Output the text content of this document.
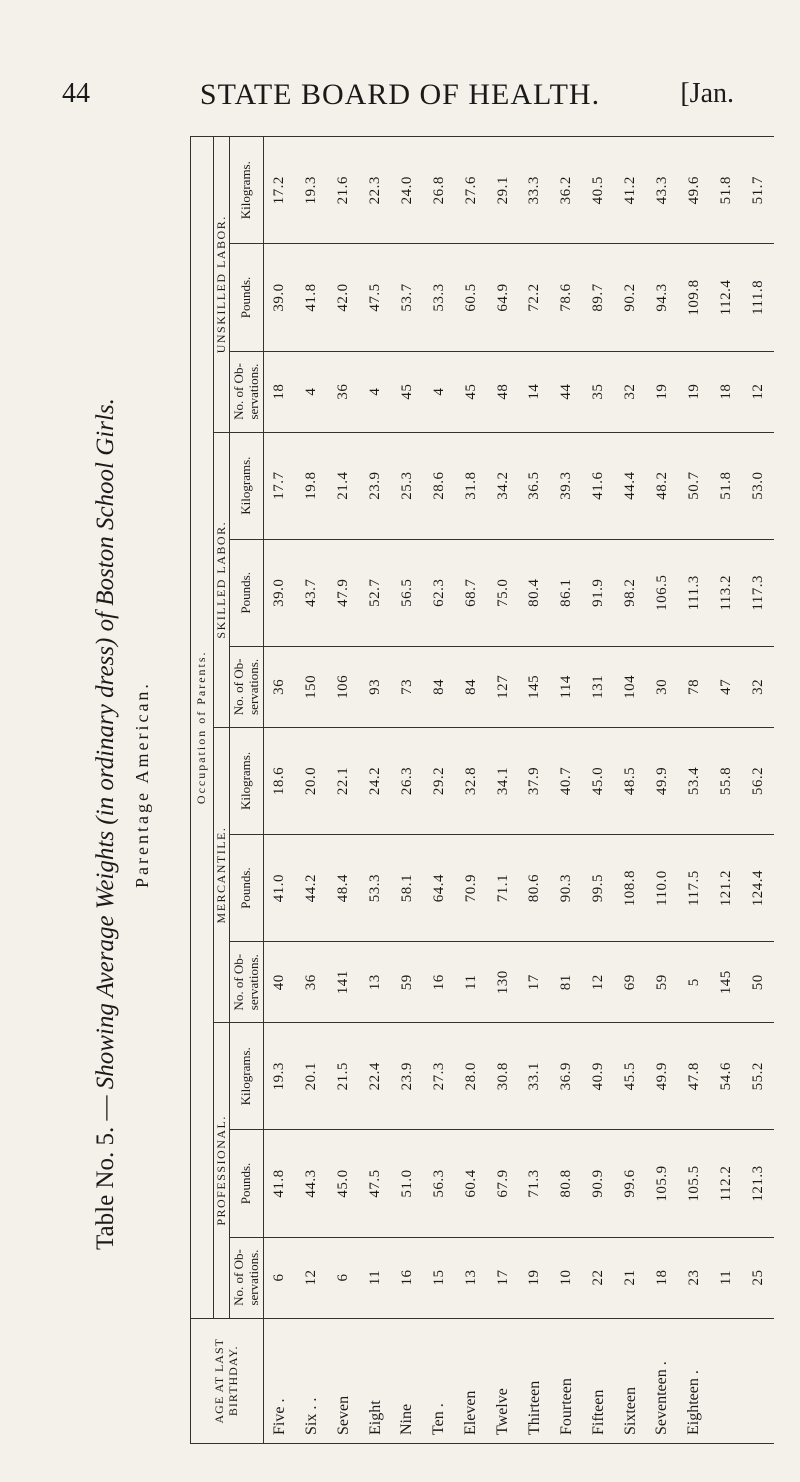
44	STATE BOARD OF HEALTH.	[Jan.
Table No. 5. — Showing Average Weights (in ordinary dress) of Boston School Girls. Parentage American.
AGE AT LAST BIRTHDAY.	Occupation of Parents.											
	PROFESSIONAL.			MERCANTILE.			SKILLED LABOR.			UNSKILLED LABOR.		
	No. of Ob-servations.	Pounds.	Kilograms.	No. of Ob-servations.	Pounds.	Kilograms.	No. of Ob-servations.	Pounds.	Kilograms.	No. of Ob-servations.	Pounds.	Kilograms.
Five .	6	41.8	19.3	40	41.0	18.6	36	39.0	17.7	18	39.0	17.2
Six . .	12	44.3	20.1	36	44.2	20.0	150	43.7	19.8	4	41.8	19.3
Seven	6	45.0	21.5	141	48.4	22.1	106	47.9	21.4	36	42.0	21.6
Eight	11	47.5	22.4	13	53.3	24.2	93	52.7	23.9	4	47.5	22.3
Nine	16	51.0	23.9	59	58.1	26.3	73	56.5	25.3	45	53.7	24.0
Ten .	15	56.3	27.3	16	64.4	29.2	84	62.3	28.6	4	53.3	26.8
Eleven	13	60.4	28.0	11	70.9	32.8	84	68.7	31.8	45	60.5	27.6
Twelve	17	67.9	30.8	130	71.1	34.1	127	75.0	34.2	48	64.9	29.1
Thirteen	19	71.3	33.1	17	80.6	37.9	145	80.4	36.5	14	72.2	33.3
Fourteen	10	80.8	36.9	81	90.3	40.7	114	86.1	39.3	44	78.6	36.2
Fifteen	22	90.9	40.9	12	99.5	45.0	131	91.9	41.6	35	89.7	40.5
Sixteen	21	99.6	45.5	69	108.8	48.5	104	98.2	44.4	32	90.2	41.2
Seventeen .	18	105.9	49.9	59	110.0	49.9	30	106.5	48.2	19	94.3	43.3
Eighteen .	23	105.5	47.8	5	117.5	53.4	78	111.3	50.7	19	109.8	49.6
	11	112.2	54.6	145	121.2	55.8	47	113.2	51.8	18	112.4	51.8
	25	121.3	55.2	50	124.4	56.2	32	117.3	53.0	12	111.8	51.7
